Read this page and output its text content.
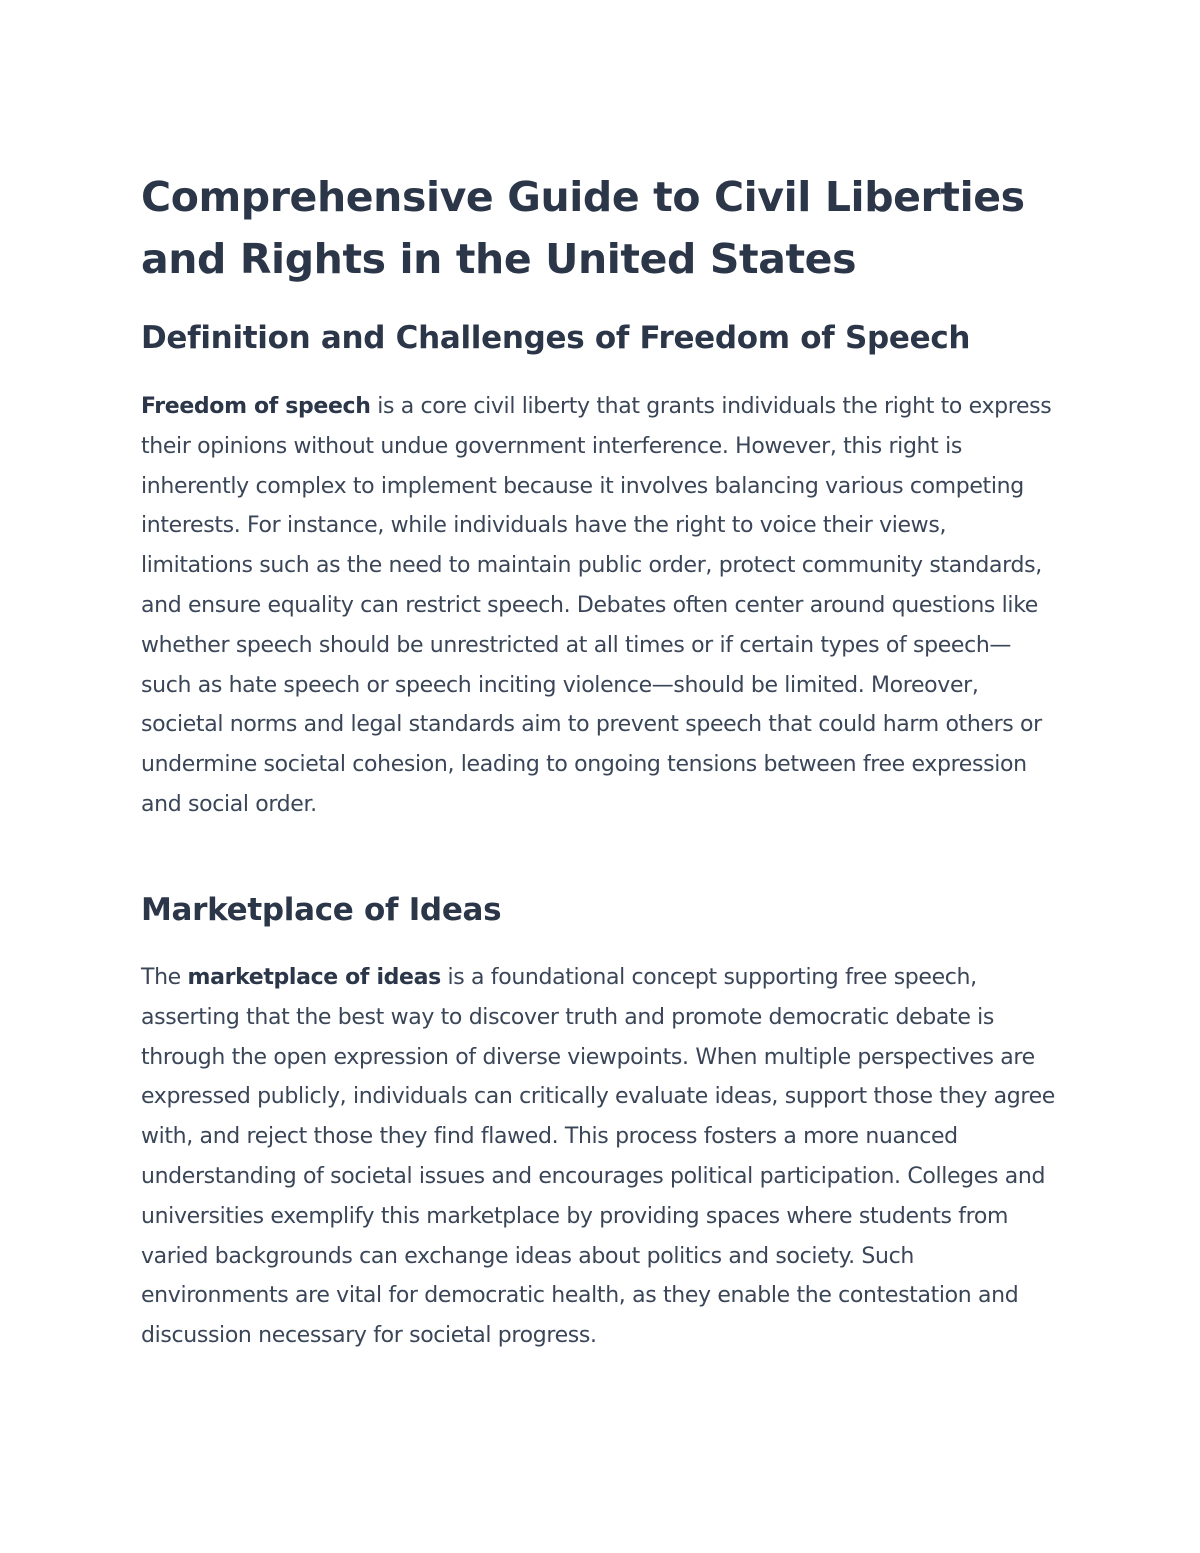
Comprehensive Guide to Civil Liberties and Rights in the United States
Definition and Challenges of Freedom of Speech

Freedom of speech is a core civil liberty that grants individuals the right to express their opinions without undue government interference. However, this right is inherently complex to implement because it involves balancing various competing interests. For instance, while individuals have the right to voice their views, limitations such as the need to maintain public order, protect community standards, and ensure equality can restrict speech. Debates often center around questions like whether speech should be unrestricted at all times or if certain types of speech—such as hate speech or speech inciting violence—should be limited. Moreover, societal norms and legal standards aim to prevent speech that could harm others or undermine societal cohesion, leading to ongoing tensions between free expression and social order.

Marketplace of Ideas

The marketplace of ideas is a foundational concept supporting free speech, asserting that the best way to discover truth and promote democratic debate is through the open expression of diverse viewpoints. When multiple perspectives are expressed publicly, individuals can critically evaluate ideas, support those they agree with, and reject those they find flawed. This process fosters a more nuanced understanding of societal issues and encourages political participation. Colleges and universities exemplify this marketplace by providing spaces where students from varied backgrounds can exchange ideas about politics and society. Such environments are vital for democratic health, as they enable the contestation and discussion necessary for societal progress.
